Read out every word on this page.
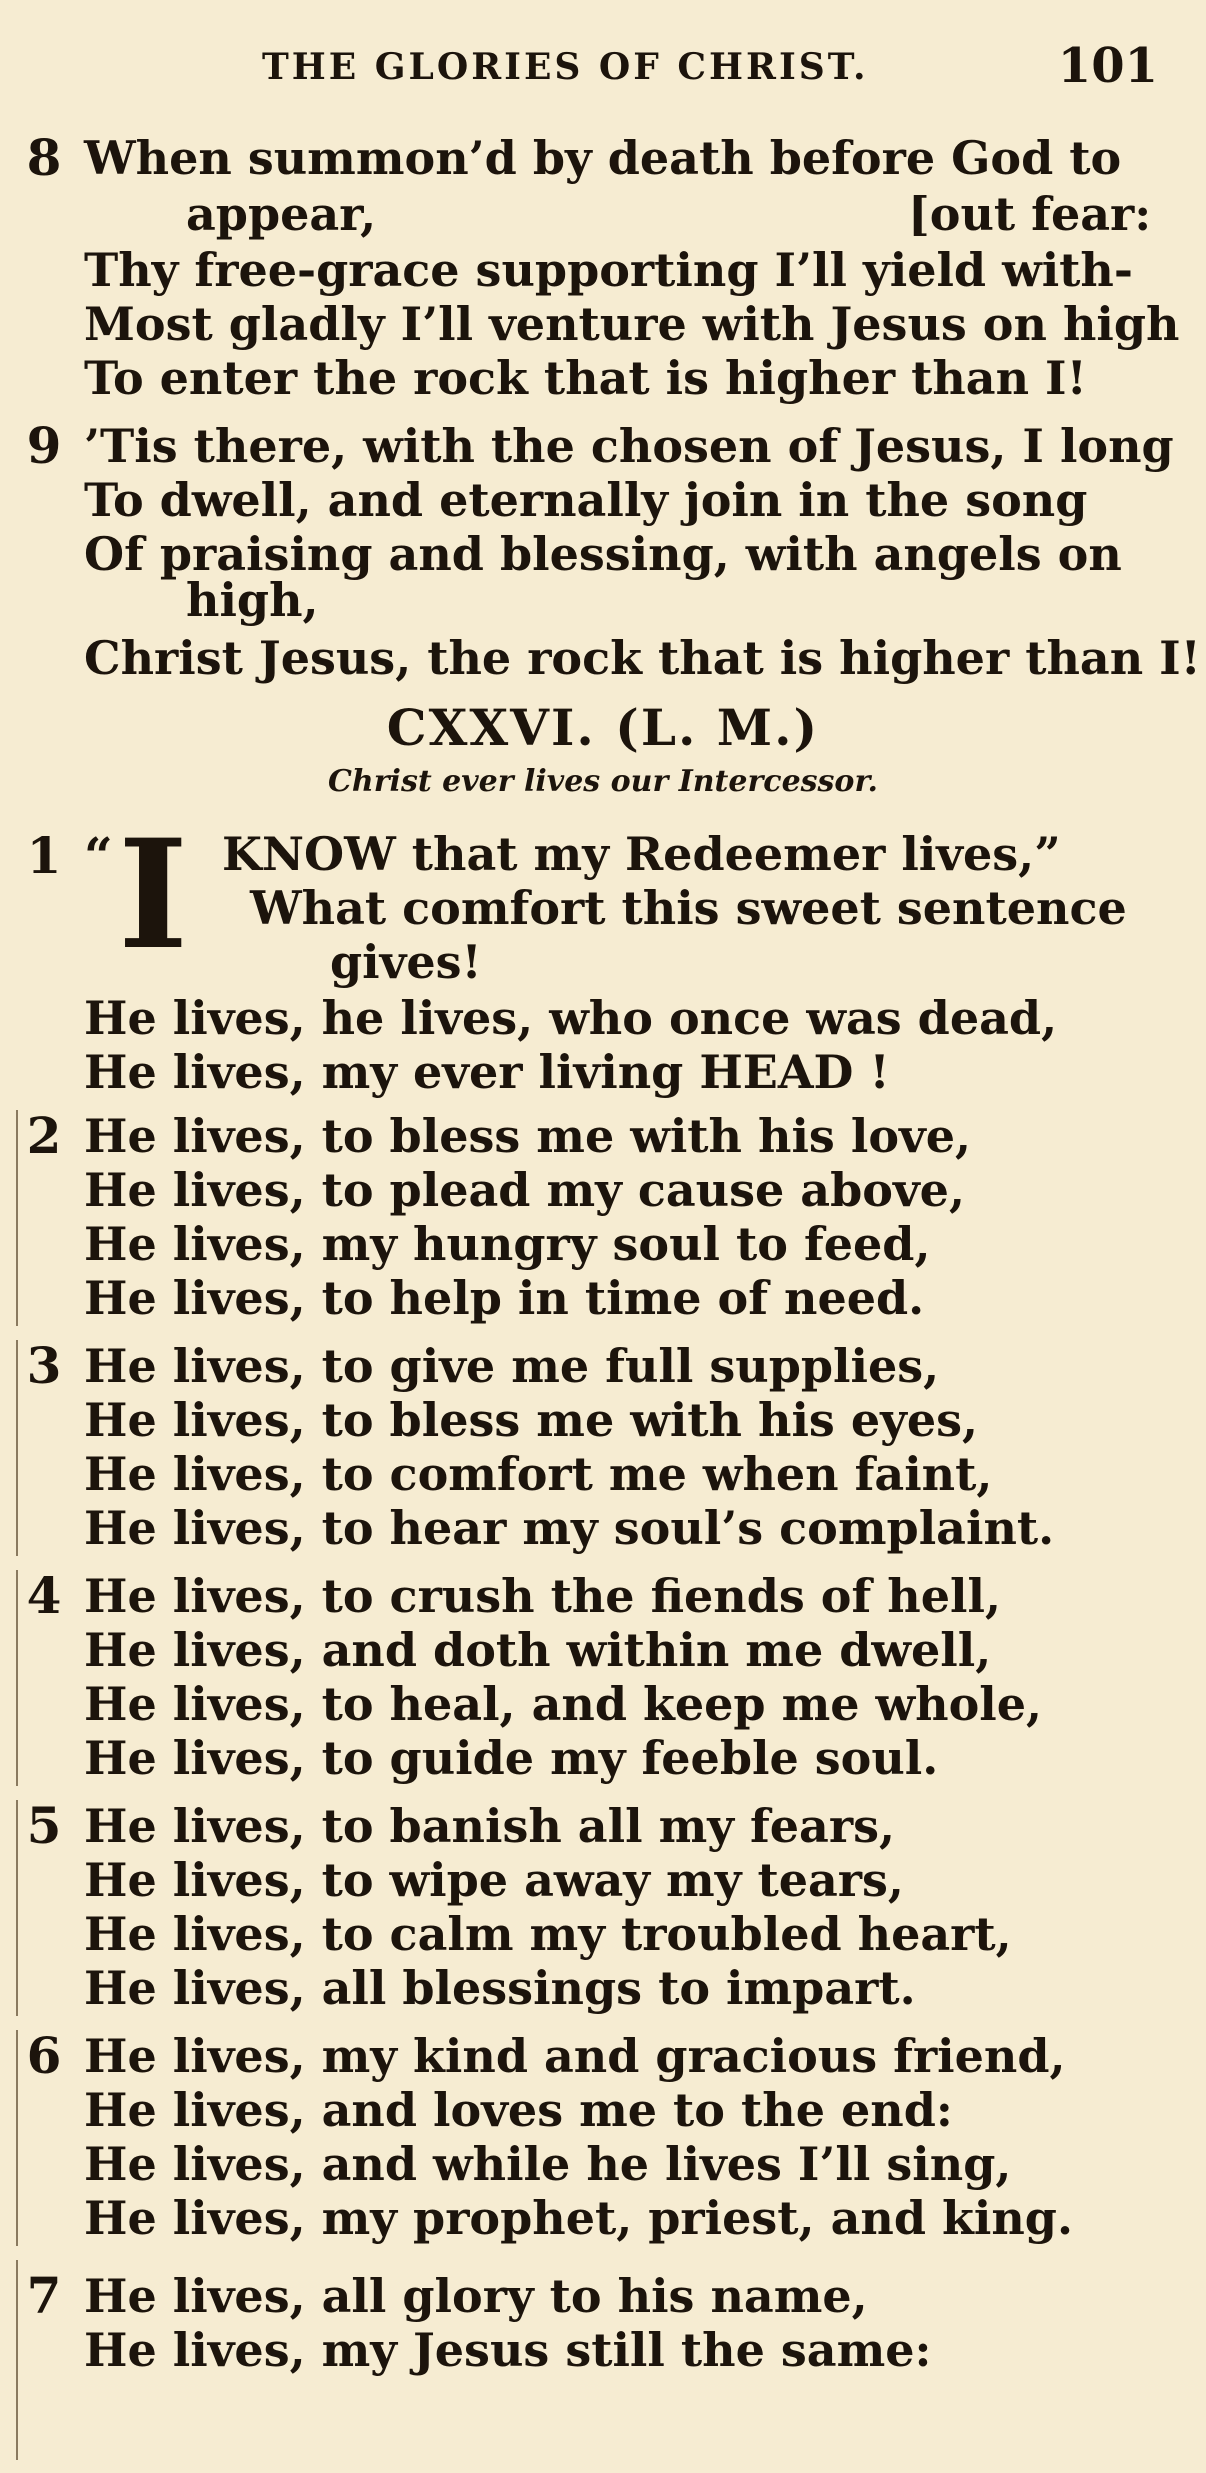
THE GLORIES OF CHRIST.	101
8 When summon’d by death before God to
appear,	[out fear:
Thy free-grace supporting I’ll yield with-
Most gladly I’ll venture with Jesus on high
To enter the rock that is higher than I!
9 ’Tis there, with the chosen of Jesus, I long
To dwell, and eternally join in the song
Of praising and blessing, with angels on
high,
Christ Jesus, the rock that is higher than I!
CXXVI. (L. M.)
Christ ever lives our Intercessor.
1 “ I KNOW that my Redeemer lives,”
What comfort this sweet sentence
gives!
He lives, he lives, who once was dead,
He lives, my ever living HEAD !
2 He lives, to bless me with his love,
He lives, to plead my cause above,
He lives, my hungry soul to feed,
He lives, to help in time of need.
3 He lives, to give me full supplies,
He lives, to bless me with his eyes,
He lives, to comfort me when faint,
He lives, to hear my soul’s complaint.
4 He lives, to crush the fiends of hell,
He lives, and doth within me dwell,
He lives, to heal, and keep me whole,
He lives, to guide my feeble soul.
5 He lives, to banish all my fears,
He lives, to wipe away my tears,
He lives, to calm my troubled heart,
He lives, all blessings to impart.
6 He lives, my kind and gracious friend,
He lives, and loves me to the end:
He lives, and while he lives I’ll sing,
He lives, my prophet, priest, and king.
7 He lives, all glory to his name,
He lives, my Jesus still the same:
